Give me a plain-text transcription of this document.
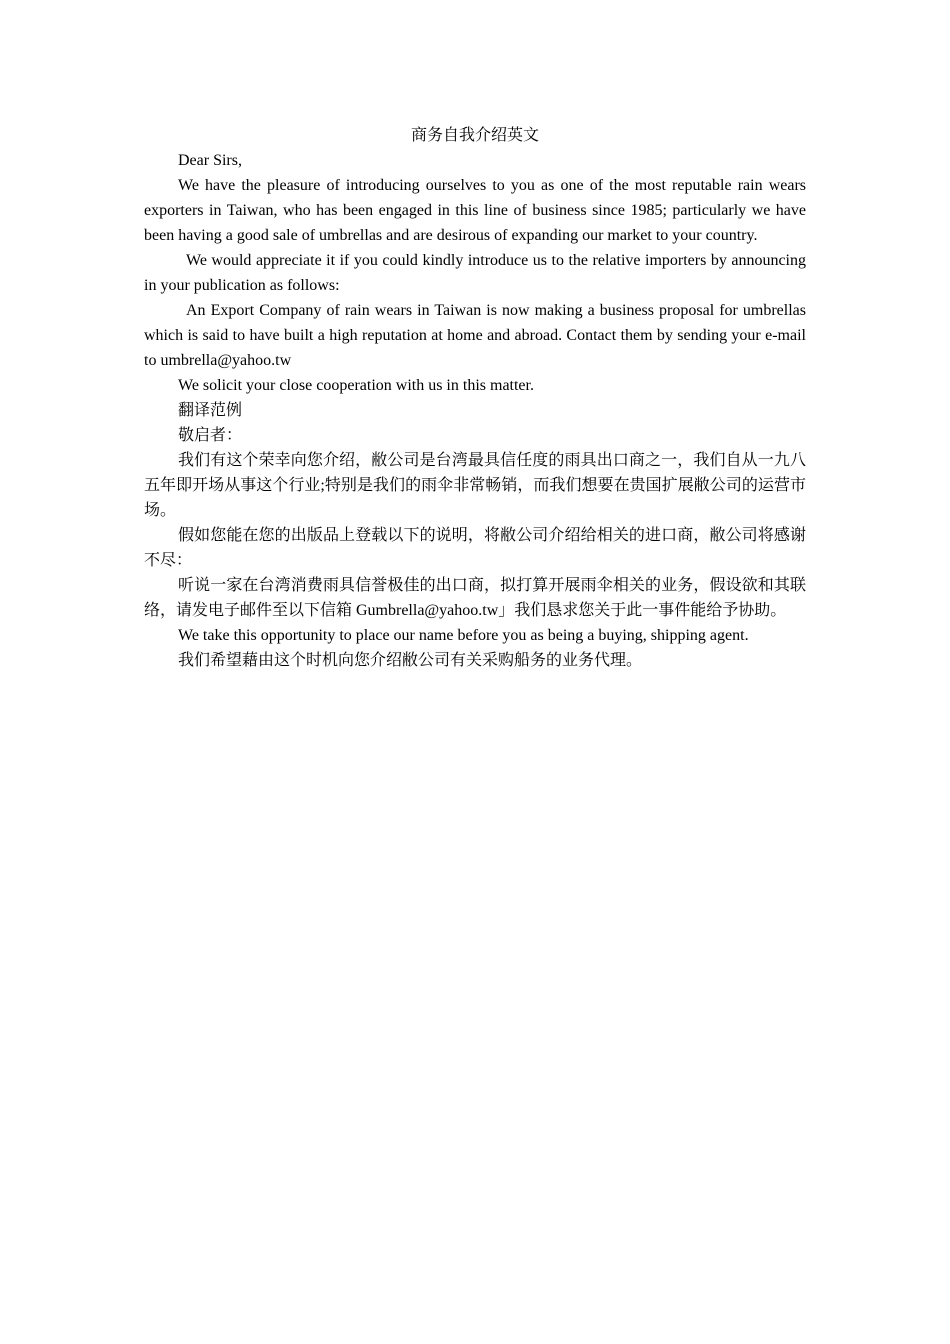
商务自我介绍英文

Dear Sirs,

We have the pleasure of introducing ourselves to you as one of the most reputable rain wears exporters in Taiwan, who has been engaged in this line of business since 1985; particularly we have been having a good sale of umbrellas and are desirous of expanding our market to your country.

We would appreciate it if you could kindly introduce us to the relative importers by announcing in your publication as follows:

An Export Company of rain wears in Taiwan is now making a business proposal for umbrellas which is said to have built a high reputation at home and abroad. Contact them by sending your e-mail to umbrella@yahoo.tw

We solicit your close cooperation with us in this matter.

翻译范例

敬启者：

我们有这个荣幸向您介绍，敝公司是台湾最具信任度的雨具出口商之一，我们自从一九八五年即开场从事这个行业;特别是我们的雨伞非常畅销，而我们想要在贵国扩展敝公司的运营市场。

假如您能在您的出版品上登载以下的说明，将敝公司介绍给相关的进口商，敝公司将感谢不尽：

听说一家在台湾消费雨具信誉极佳的出口商，拟打算开展雨伞相关的业务，假设欲和其联络，请发电子邮件至以下信箱 Gumbrella@yahoo.tw」我们恳求您关于此一事件能给予协助。

We take this opportunity to place our name before you as being a buying, shipping agent.

我们希望藉由这个时机向您介绍敝公司有关采购船务的业务代理。
